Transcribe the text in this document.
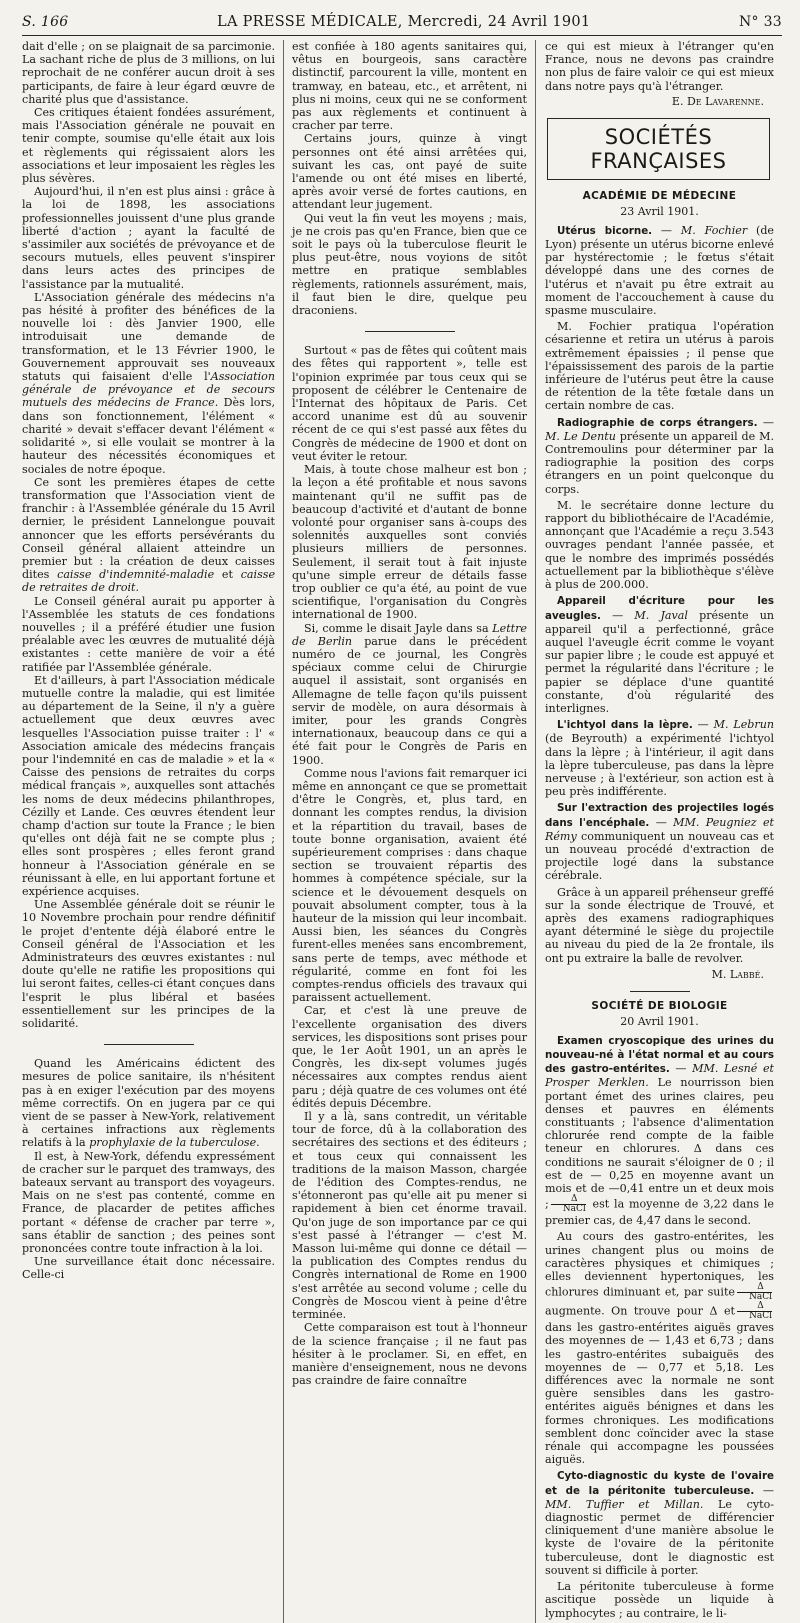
S. 166	LA PRESSE MÉDICALE, Mercredi, 24 Avril 1901	N° 33

dait d'elle ; on se plaignait de sa parcimonie. La sachant riche de plus de 3 millions, on lui reprochait de ne conférer aucun droit à ses participants, de faire à leur égard œuvre de charité plus que d'assistance.

Ces critiques étaient fondées assurément, mais l'Association générale ne pouvait en tenir compte, soumise qu'elle était aux lois et règlements qui régissaient alors les associations et leur imposaient les règles les plus sévères.

Aujourd'hui, il n'en est plus ainsi : grâce à la loi de 1898, les associations professionnelles jouissent d'une plus grande liberté d'action ; ayant la faculté de s'assimiler aux sociétés de prévoyance et de secours mutuels, elles peuvent s'inspirer dans leurs actes des principes de l'assistance par la mutualité.

L'Association générale des médecins n'a pas hésité à profiter des bénéfices de la nouvelle loi : dès Janvier 1900, elle introduisait une demande de transformation, et le 13 Février 1900, le Gouvernement approuvait ses nouveaux statuts qui faisaient d'elle l'Association générale de prévoyance et de secours mutuels des médecins de France. Dès lors, dans son fonctionnement, l'élément « charité » devait s'effacer devant l'élément « solidarité », si elle voulait se montrer à la hauteur des nécessités économiques et sociales de notre époque.

Ce sont les premières étapes de cette transformation que l'Association vient de franchir : à l'Assemblée générale du 15 Avril dernier, le président Lannelongue pouvait annoncer que les efforts persévérants du Conseil général allaient atteindre un premier but : la création de deux caisses dites caisse d'indemnité-maladie et caisse de retraites de droit.

Le Conseil général aurait pu apporter à l'Assemblée les statuts de ces fondations nouvelles ; il a préféré étudier une fusion préalable avec les œuvres de mutualité déjà existantes : cette manière de voir a été ratifiée par l'Assemblée générale.

Et d'ailleurs, à part l'Association médicale mutuelle contre la maladie, qui est limitée au département de la Seine, il n'y a guère actuellement que deux œuvres avec lesquelles l'Association puisse traiter : l' « Association amicale des médecins français pour l'indemnité en cas de maladie » et la « Caisse des pensions de retraites du corps médical français », auxquelles sont attachés les noms de deux médecins philanthropes, Cézilly et Lande. Ces œuvres étendent leur champ d'action sur toute la France ; le bien qu'elles ont déjà fait ne se compte plus ; elles sont prospères ; elles feront grand honneur à l'Association générale en se réunissant à elle, en lui apportant fortune et expérience acquises.

Une Assemblée générale doit se réunir le 10 Novembre prochain pour rendre définitif le projet d'entente déjà élaboré entre le Conseil général de l'Association et les Administrateurs des œuvres existantes : nul doute qu'elle ne ratifie les propositions qui lui seront faites, celles-ci étant conçues dans l'esprit le plus libéral et basées essentiellement sur les principes de la solidarité.

Quand les Américains édictent des mesures de police sanitaire, ils n'hésitent pas à en exiger l'exécution par des moyens même correctifs. On en jugera par ce qui vient de se passer à New-York, relativement à certaines infractions aux règlements relatifs à la prophylaxie de la tuberculose.

Il est, à New-York, défendu expressément de cracher sur le parquet des tramways, des bateaux servant au transport des voyageurs. Mais on ne s'est pas contenté, comme en France, de placarder de petites affiches portant « défense de cracher par terre », sans établir de sanction ; des peines sont prononcées contre toute infraction à la loi.

Une surveillance était donc nécessaire. Celle-ci

est confiée à 180 agents sanitaires qui, vêtus en bourgeois, sans caractère distinctif, parcourent la ville, montent en tramway, en bateau, etc., et arrêtent, ni plus ni moins, ceux qui ne se conforment pas aux règlements et continuent à cracher par terre.

Certains jours, quinze à vingt personnes ont été ainsi arrêtées qui, suivant les cas, ont payé de suite l'amende ou ont été mises en liberté, après avoir versé de fortes cautions, en attendant leur jugement.

Qui veut la fin veut les moyens ; mais, je ne crois pas qu'en France, bien que ce soit le pays où la tuberculose fleurit le plus peut-être, nous voyions de sitôt mettre en pratique semblables règlements, rationnels assurément, mais, il faut bien le dire, quelque peu draconiens.

Surtout « pas de fêtes qui coûtent mais des fêtes qui rapportent », telle est l'opinion exprimée par tous ceux qui se proposent de célébrer le Centenaire de l'Internat des hôpitaux de Paris. Cet accord unanime est dû au souvenir récent de ce qui s'est passé aux fêtes du Congrès de médecine de 1900 et dont on veut éviter le retour.

Mais, à toute chose malheur est bon ; la leçon a été profitable et nous savons maintenant qu'il ne suffit pas de beaucoup d'activité et d'autant de bonne volonté pour organiser sans à-coups des solennités auxquelles sont conviés plusieurs milliers de personnes. Seulement, il serait tout à fait injuste qu'une simple erreur de détails fasse trop oublier ce qu'a été, au point de vue scientifique, l'organisation du Congrès international de 1900.

Si, comme le disait Jayle dans sa Lettre de Berlin parue dans le précédent numéro de ce journal, les Congrès spéciaux comme celui de Chirurgie auquel il assistait, sont organisés en Allemagne de telle façon qu'ils puissent servir de modèle, on aura désormais à imiter, pour les grands Congrès internationaux, beaucoup dans ce qui a été fait pour le Congrès de Paris en 1900.

Comme nous l'avions fait remarquer ici même en annonçant ce que se promettait d'être le Congrès, et, plus tard, en donnant les comptes rendus, la division et la répartition du travail, bases de toute bonne organisation, avaient été supérieurement comprises : dans chaque section se trouvaient répartis des hommes à compétence spéciale, sur la science et le dévouement desquels on pouvait absolument compter, tous à la hauteur de la mission qui leur incombait. Aussi bien, les séances du Congrès furent-elles menées sans encombrement, sans perte de temps, avec méthode et régularité, comme en font foi les comptes-rendus officiels des travaux qui paraissent actuellement.

Car, et c'est là une preuve de l'excellente organisation des divers services, les dispositions sont prises pour que, le 1er Août 1901, un an après le Congrès, les dix-sept volumes jugés nécessaires aux comptes rendus aient paru ; déjà quatre de ces volumes ont été édités depuis Décembre.

Il y a là, sans contredit, un véritable tour de force, dû à la collaboration des secrétaires des sections et des éditeurs ; et tous ceux qui connaissent les traditions de la maison Masson, chargée de l'édition des Comptes-rendus, ne s'étonneront pas qu'elle ait pu mener si rapidement à bien cet énorme travail. Qu'on juge de son importance par ce qui s'est passé à l'étranger — c'est M. Masson lui-même qui donne ce détail — la publication des Comptes rendus du Congrès international de Rome en 1900 s'est arrêtée au second volume ; celle du Congrès de Moscou vient à peine d'être terminée.

Cette comparaison est tout à l'honneur de la science française ; il ne faut pas hésiter à le proclamer. Si, en effet, en manière d'enseignement, nous ne devons pas craindre de faire connaître

ce qui est mieux à l'étranger qu'en France, nous ne devons pas craindre non plus de faire valoir ce qui est mieux dans notre pays qu'à l'étranger.

E. De Lavarenne.
SOCIÉTÉS FRANÇAISES
ACADÉMIE DE MÉDECINE
23 Avril 1901.

Utérus bicorne. — M. Fochier (de Lyon) présente un utérus bicorne enlevé par hystérectomie ; le fœtus s'était développé dans une des cornes de l'utérus et n'avait pu être extrait au moment de l'accouchement à cause du spasme musculaire.

M. Fochier pratiqua l'opération césarienne et retira un utérus à parois extrêmement épaissies ; il pense que l'épaississement des parois de la partie inférieure de l'utérus peut être la cause de rétention de la tête fœtale dans un certain nombre de cas.

Radiographie de corps étrangers. — M. Le Dentu présente un appareil de M. Contremoulins pour déterminer par la radiographie la position des corps étrangers en un point quelconque du corps.

M. le secrétaire donne lecture du rapport du bibliothécaire de l'Académie, annonçant que l'Académie a reçu 3.543 ouvrages pendant l'année passée, et que le nombre des imprimés possédés actuellement par la bibliothèque s'élève à plus de 200.000.

Appareil d'écriture pour les aveugles. — M. Javal présente un appareil qu'il a perfectionné, grâce auquel l'aveugle écrit comme le voyant sur papier libre ; le coude est appuyé et permet la régularité dans l'écriture ; le papier se déplace d'une quantité constante, d'où régularité des interlignes.

L'ichtyol dans la lèpre. — M. Lebrun (de Beyrouth) a expérimenté l'ichtyol dans la lèpre ; à l'intérieur, il agit dans la lèpre tuberculeuse, pas dans la lèpre nerveuse ; à l'extérieur, son action est à peu près indifférente.

Sur l'extraction des projectiles logés dans l'encéphale. — MM. Peugniez et Rémy communiquent un nouveau cas et un nouveau procédé d'extraction de projectile logé dans la substance cérébrale.

Grâce à un appareil préhenseur greffé sur la sonde électrique de Trouvé, et après des examens radiographiques ayant déterminé le siège du projectile au niveau du pied de la 2e frontale, ils ont pu extraire la balle de revolver.

M. Labbé.
SOCIÉTÉ DE BIOLOGIE
20 Avril 1901.

Examen cryoscopique des urines du nouveau-né à l'état normal et au cours des gastro-entérites. — MM. Lesné et Prosper Merklen. Le nourrisson bien portant émet des urines claires, peu denses et pauvres en éléments constituants ; l'absence d'alimentation chlorurée rend compte de la faible teneur en chlorures. Δ dans ces conditions ne saurait s'éloigner de 0 ; il est de — 0,25 en moyenne avant un mois et de —0,41 entre un et deux mois ; $\frac{\Delta}{\text{NaCl}}$ est la moyenne de 3,22 dans le premier cas, de 4,47 dans le second.

Au cours des gastro-entérites, les urines changent plus ou moins de caractères physiques et chimiques ; elles deviennent hypertoniques, les chlorures diminuant et, par suite $\frac{\Delta}{\text{NaCl}}$
augmente. On trouve pour Δ et $\frac{\Delta}{\text{NaCl}}$
dans les gastro-entérites aiguës graves des moyennes de — 1,43 et 6,73 ; dans les gastro-entérites subaiguës des moyennes de — 0,77 et 5,18. Les différences avec la normale ne sont guère sensibles dans les gastro-entérites aiguës bénignes et dans les formes chroniques. Les modifications semblent donc coïncider avec la stase rénale qui accompagne les poussées aiguës.

Cyto-diagnostic du kyste de l'ovaire et de la péritonite tuberculeuse. — MM. Tuffier et Millan. Le cyto-diagnostic permet de différencier cliniquement d'une manière absolue le kyste de l'ovaire de la péritonite tuberculeuse, dont le diagnostic est souvent si difficile à porter.

La péritonite tuberculeuse à forme ascitique possède un liquide à lymphocytes ; au contraire, le li-
